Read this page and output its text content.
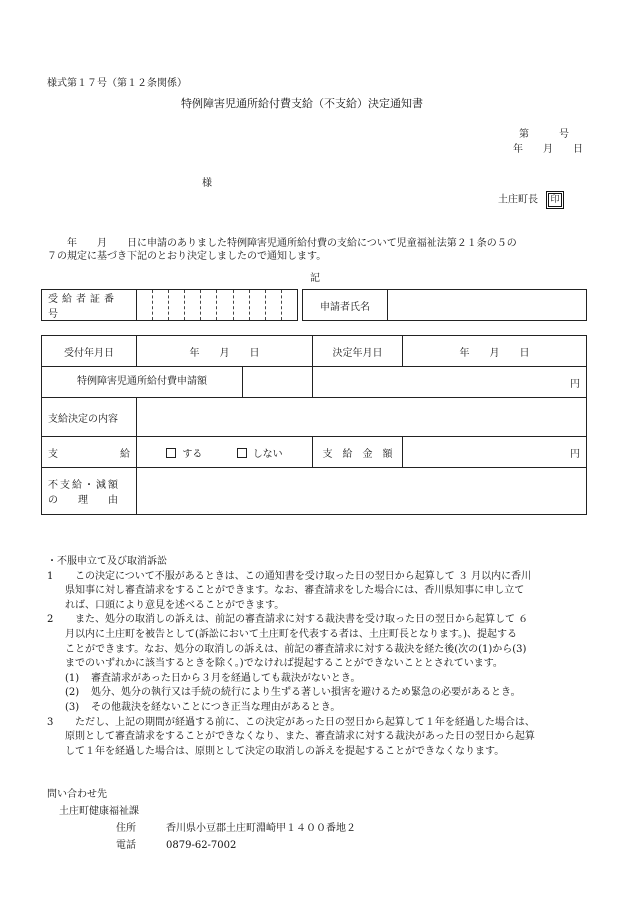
様式第１７号（第１２条関係）
特例障害児通所給付費支給（不支給）決定通知書
第　　　号
年　　月　　日
様
土庄町長 印
　　年　　月　　日に申請のありました特例障害児通所給付費の支給について児童福祉法第２１条の５の
７の規定に基づき下記のとおり決定しましたので通知します。
記
受給者証番号	
		申請者氏名	
受付年月日	年　　月　　日	決定年月日	年　　月　　日

特例障害児通所給付費申請額		円	
支給決定の内容			

支 給	する しない	支　給　金　額	円

不支給・減額
の　　理　　由			

・不服申立て及び取消訴訟
1	この決定について不服があるときは、この通知書を受け取った日の翌日から起算して ３ 月以内に香川
県知事に対し審査請求をすることができます。なお、審査請求をした場合には、香川県知事に申し立て
れば、口頭により意見を述べることができます。
2	また、処分の取消しの訴えは、前記の審査請求に対する裁決書を受け取った日の翌日から起算して ６
月以内に土庄町を被告として(訴訟において土庄町を代表する者は、土庄町長となります。)、提起する
ことができます。なお、処分の取消しの訴えは、前記の審査請求に対する裁決を経た後(次の(1)から(3)
までのいずれかに該当するときを除く。)でなければ提起することができないこととされています。
(1)	審査請求があった日から３月を経過しても裁決がないとき。
(2)	処分、処分の執行又は手続の続行により生ずる著しい損害を避けるため緊急の必要があるとき。
(3)	その他裁決を経ないことにつき正当な理由があるとき。
3	ただし、上記の期間が経過する前に、この決定があった日の翌日から起算して１年を経過した場合は、
原則として審査請求をすることができなくなり、また、審査請求に対する裁決があった日の翌日から起算
して１年を経過した場合は、原則として決定の取消しの訴えを提起することができなくなります。
問い合わせ先
土庄町健康福祉課
住所	香川県小豆郡土庄町淵崎甲１４００番地２
電話	0879-62-7002
